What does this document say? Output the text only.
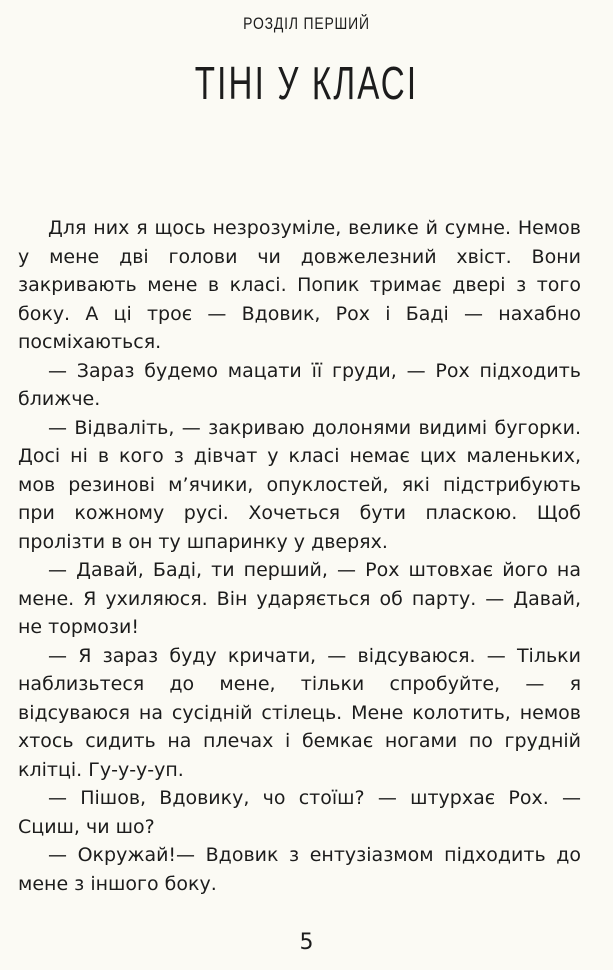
РОЗДІЛ ПЕРШИЙ
ТІНІ У КЛАСІ

Для них я щось незрозуміле, велике й сумне. Немов у мене дві голови чи довжелезний хвіст. Вони закривають мене в класі. Попик тримає двері з того боку. А ці троє — Вдовик, Рох і Баді — нахабно посміхаються.

— Зараз будемо мацати її груди, — Рох підходить ближче.

— Відваліть, — закриваю долонями видимі бугорки. Досі ні в кого з дівчат у класі немає цих маленьких, мов резинові м’ячики, опуклостей, які підстрибують при кожному русі. Хочеться бути пласкою. Щоб пролізти в он ту шпаринку у дверях.

— Давай, Баді, ти перший, — Рох штовхає його на мене. Я ухиляюся. Він ударяється об парту. — Давай, не тормози!

— Я зараз буду кричати, — відсуваюся. — Тільки наблизьтеся до мене, тільки спробуйте, — я відсуваюся на сусідній стілець. Мене колотить, немов хтось сидить на плечах і бемкає ногами по грудній клітці. Гу-у-у-уп.

— Пішов, Вдовику, чо стоїш? — штурхає Рох. — Сциш, чи шо?

— Окружай!— Вдовик з ентузіазмом підходить до мене з іншого боку.

5
